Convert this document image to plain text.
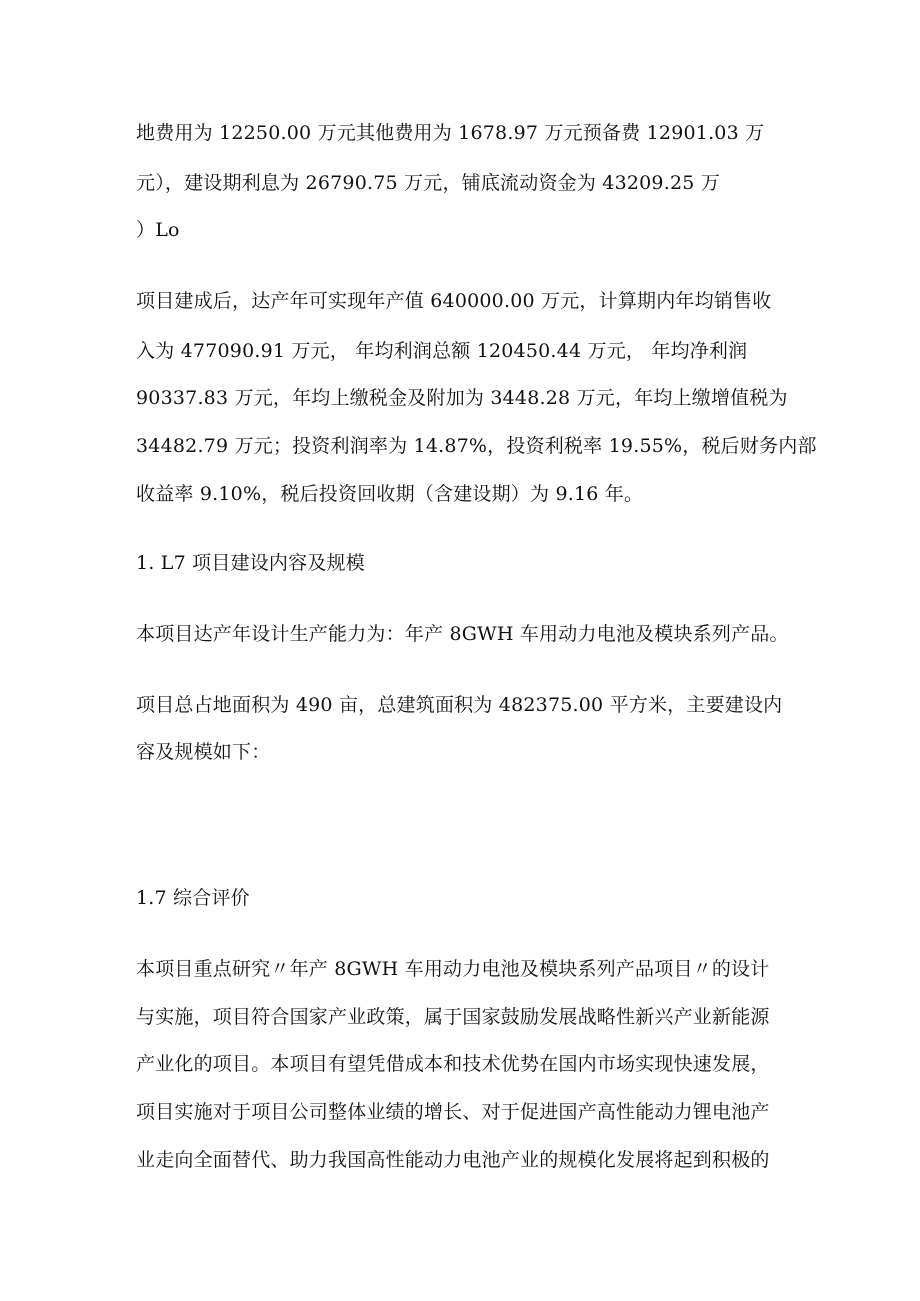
地费用为 12250.00 万元其他费用为 1678.97 万元预备费 12901.03 万
元），建设期利息为 26790.75 万元，铺底流动资金为 43209.25 万
）Lo
项目建成后，达产年可实现年产值 640000.00 万元，计算期内年均销售收
入为 477090.91 万元， 年均利润总额 120450.44 万元， 年均净利润
90337.83 万元，年均上缴税金及附加为 3448.28 万元，年均上缴增值税为
34482.79 万元；投资利润率为 14.87%，投资利税率 19.55%，税后财务内部
收益率 9.10%，税后投资回收期（含建设期）为 9.16 年。
1. L7 项目建设内容及规模
本项目达产年设计生产能力为：年产 8GWH 车用动力电池及模块系列产品。
项目总占地面积为 490 亩，总建筑面积为 482375.00 平方米，主要建设内
容及规模如下：
1.7 综合评价
本项目重点研究〃年产 8GWH 车用动力电池及模块系列产品项目〃的设计
与实施，项目符合国家产业政策，属于国家鼓励发展战略性新兴产业新能源
产业化的项目。本项目有望凭借成本和技术优势在国内市场实现快速发展，
项目实施对于项目公司整体业绩的增长、对于促进国产高性能动力锂电池产
业走向全面替代、助力我国高性能动力电池产业的规模化发展将起到积极的
